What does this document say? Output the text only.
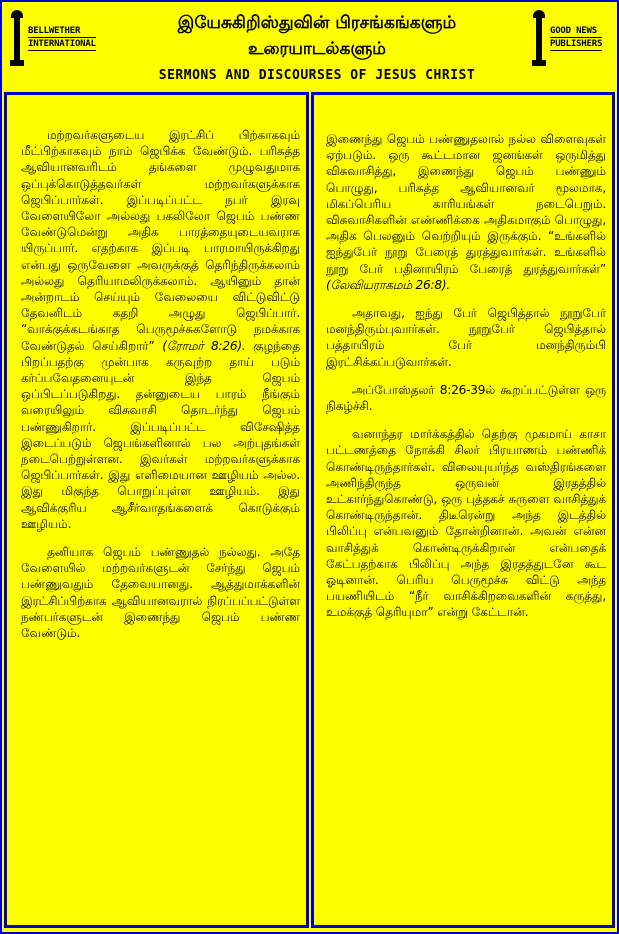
BELLWETHER
INTERNATIONAL
இயேசுகிறிஸ்துவின் பிரசங்கங்களும்
உரையாடல்களும்
SERMONS AND DISCOURSES OF JESUS CHRIST
GOOD NEWS
PUBLISHERS

மற்றவர்களுடைய இரட்சிப் பிற்காகவும் மீட்பிற்காகவும் நாம் ஜெபிக்க வேண்டும். பரிசுத்த ஆவியானவரிடம் தங்களை முழுவதுமாக ஒப்புக்கொடுத்தவர்கள் மற்றவர்களுக்காக ஜெபிப்பார்கள். இப்படிப்பட்ட நபர் இரவு வேளையிலோ அல்லது பகலிலோ ஜெபம் பண்ண வேண்டுமென்று அதிக பாரத்தையுடையவராக யிருப்பார். எதற்காக இப்படி பாரமாயிருக்கிறது என்பது ஒருவேளை அவருக்குத் தெரிந்திருக்கலாம் அல்லது தெரியாமலிருக்கலாம். ஆயினும் தான் அன்றாடம் செய்யும் வேலையை விட்டுவிட்டு தேவனிடம் கதறி அழுது ஜெபிப்பார். “வாக்குக்கடங்காத பெருமூச்சுகளோடு நமக்காக வேண்டுதல் செய்கிறார்” (ரோமர் 8:26). குழந்தை பிறப்பதற்கு முன்பாக கருவுற்ற தாய் படும் கர்ப்பவேதனையுடன் இந்த ஜெபம் ஒப்பிடப்படுகிறது. தன்னுடைய பாரம் நீங்கும் வரையிலும் விசுவாசி தொடர்ந்து ஜெபம் பண்ணுகிறார். இப்படிப்பட்ட விசேஷித்த இடைப்படும் ஜெபங்களினால் பல அற்புதங்கள் நடைபெற்றுள்ளன. இவர்கள் மற்றவர்களுக்காக ஜெபிப்பார்கள். இது எளிமையான ஊழியம் அல்ல. இது மிகுந்த பொறுப்புள்ள ஊழியம். இது ஆவிக்குரிய ஆசீர்வாதங்களைக் கொடுக்கும் ஊழியம்.

தனியாக ஜெபம் பண்ணுதல் நல்லது. அதே வேளையில் மற்றவர்களுடன் சேர்ந்து ஜெபம் பண்ணுவதும் தேவையானது. ஆத்துமாக்களின் இரட்சிப்பிற்காக ஆவியானவரால் நிரப்பப்பட்டுள்ள நண்பர்களுடன் இணைந்து ஜெபம் பண்ண வேண்டும்.

இணைந்து ஜெபம் பண்ணுதலால் நல்ல விளைவுகள் ஏற்படும். ஒரு கூட்டமான ஜனங்கள் ஒருமித்து விசுவாசித்து, இணைந்து ஜெபம் பண்ணும் பொழுது, பரிசுத்த ஆவியானவர் மூலமாக, மிகப்பெரிய காரியங்கள் நடைபெறும். விசுவாசிகளின் எண்ணிக்கை அதிகமாகும் பொழுது, அதிக பெலனும் வெற்றியும் இருக்கும். “உங்களில் ஐந்துபேர் நூறு பேரைத் துரத்துவார்கள். உங்களில் நூறு பேர் பதினாயிரம் பேரைத் துரத்துவார்கள்” (லேவியராகமம் 26:8).

அதாவது, ஐந்து பேர் ஜெபித்தால் நூறுபேர் மனந்திரும்புவார்கள். நூறுபேர் ஜெபித்தால் பத்தாயிரம் பேர் மனந்திரும்பி இரட்சிக்கப்படுவார்கள்.

அப்போஸ்தலர் 8:26-39ல் கூறப்பட்டுள்ள ஒரு நிகழ்ச்சி.

வனாந்தர மார்க்கத்தில் தெற்கு முகமாய் காசா பட்டணத்தை நோக்கி சிலர் பிரயாணம் பண்ணிக் கொண்டிருந்தார்கள். விலையுயர்ந்த வஸ்திரங்களை அணிந்திருந்த ஒருவன் இரதத்தில் உட்கார்ந்துகொண்டு, ஒரு புத்தகச் சுருளை வாசித்துக் கொண்டிருந்தான். திடீரென்று அந்த இடத்தில் பிலிப்பு என்பவனும் தோன்றினான். அவன் என்ன வாசித்துக் கொண்டிருக்கிறான் என்பதைக் கேட்பதற்காக பிலிப்பு அந்த இரதத்துடனே கூட ஓடினான். பெரிய பெருமூச்சு விட்டு அந்த பயணியிடம் “நீர் வாசிக்கிறவைகளின் கருத்து, உமக்குத் தெரியுமா” என்று கேட்டான்.
